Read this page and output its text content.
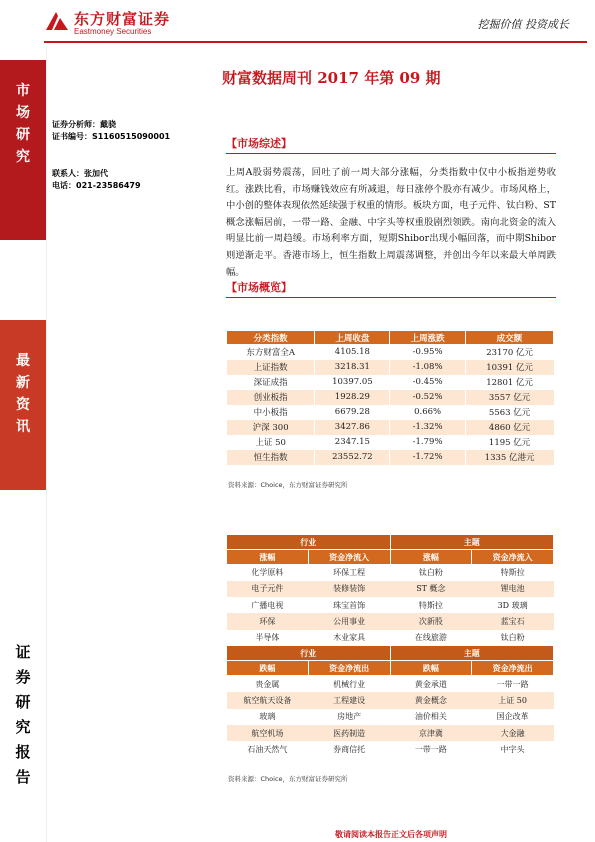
东方财富证券
Eastmoney Securities
挖掘价值 投资成长
市
场
研
究
最
新
资
讯
证
券
研
究
报
告
证券分析师：戴骁
证书编号：S1160515090001
联系人：张加代
电话：021-23586479
财富数据周刊 2017 年第 09 期
【市场综述】
上周A股弱势震荡，回吐了前一周大部分涨幅，分类指数中仅中小板指逆势收红。涨跌比看，市场赚钱效应有所减退，每日涨停个股亦有减少。市场风格上，中小创的整体表现依然延续强于权重的情形。板块方面，电子元件、钛白粉、ST概念涨幅居前，一带一路、金融、中字头等权重股剧烈领跌。南向北资金的流入明显比前一周趋缓。市场利率方面，短期Shibor出现小幅回落，而中期Shibor则逆渐走平。香港市场上，恒生指数上周震荡调整，并创出今年以来最大单周跌幅。
【市场概览】
分类指数	上周收盘	上周涨跌	成交额
东方财富全A	4105.18	-0.95%	23170 亿元
上证指数	3218.31	-1.08%	10391 亿元
深证成指	10397.05	-0.45%	12801 亿元
创业板指	1928.29	-0.52%	3557 亿元
中小板指	6679.28	0.66%	5563 亿元
沪深 300	3427.86	-1.32%	4860 亿元
上证 50	2347.15	-1.79%	1195 亿元
恒生指数	23552.72	-1.72%	1335 亿港元
资料来源：Choice，东方财富证券研究所
行业		主题	
涨幅	资金净流入	涨幅	资金净流入
化学原料	环保工程	钛白粉	特斯拉
电子元件	装修装饰	ST 概念	锂电池
广播电视	珠宝首饰	特斯拉	3D 玻璃
环保	公用事业	次新股	蓝宝石
半导体	木业家具	在线旅游	钛白粉
行业		主题	
跌幅	资金净流出	跌幅	资金净流出
贵金属	机械行业	黄金承道	一带一路
航空航天设备	工程建设	黄金概念	上证 50
玻璃	房地产	油价相关	国企改革
航空机场	医药制造	京津冀	大金融
石油天然气	券商信托	一带一路	中字头
资料来源：Choice，东方财富证券研究所
敬请阅读本报告正文后各项声明
